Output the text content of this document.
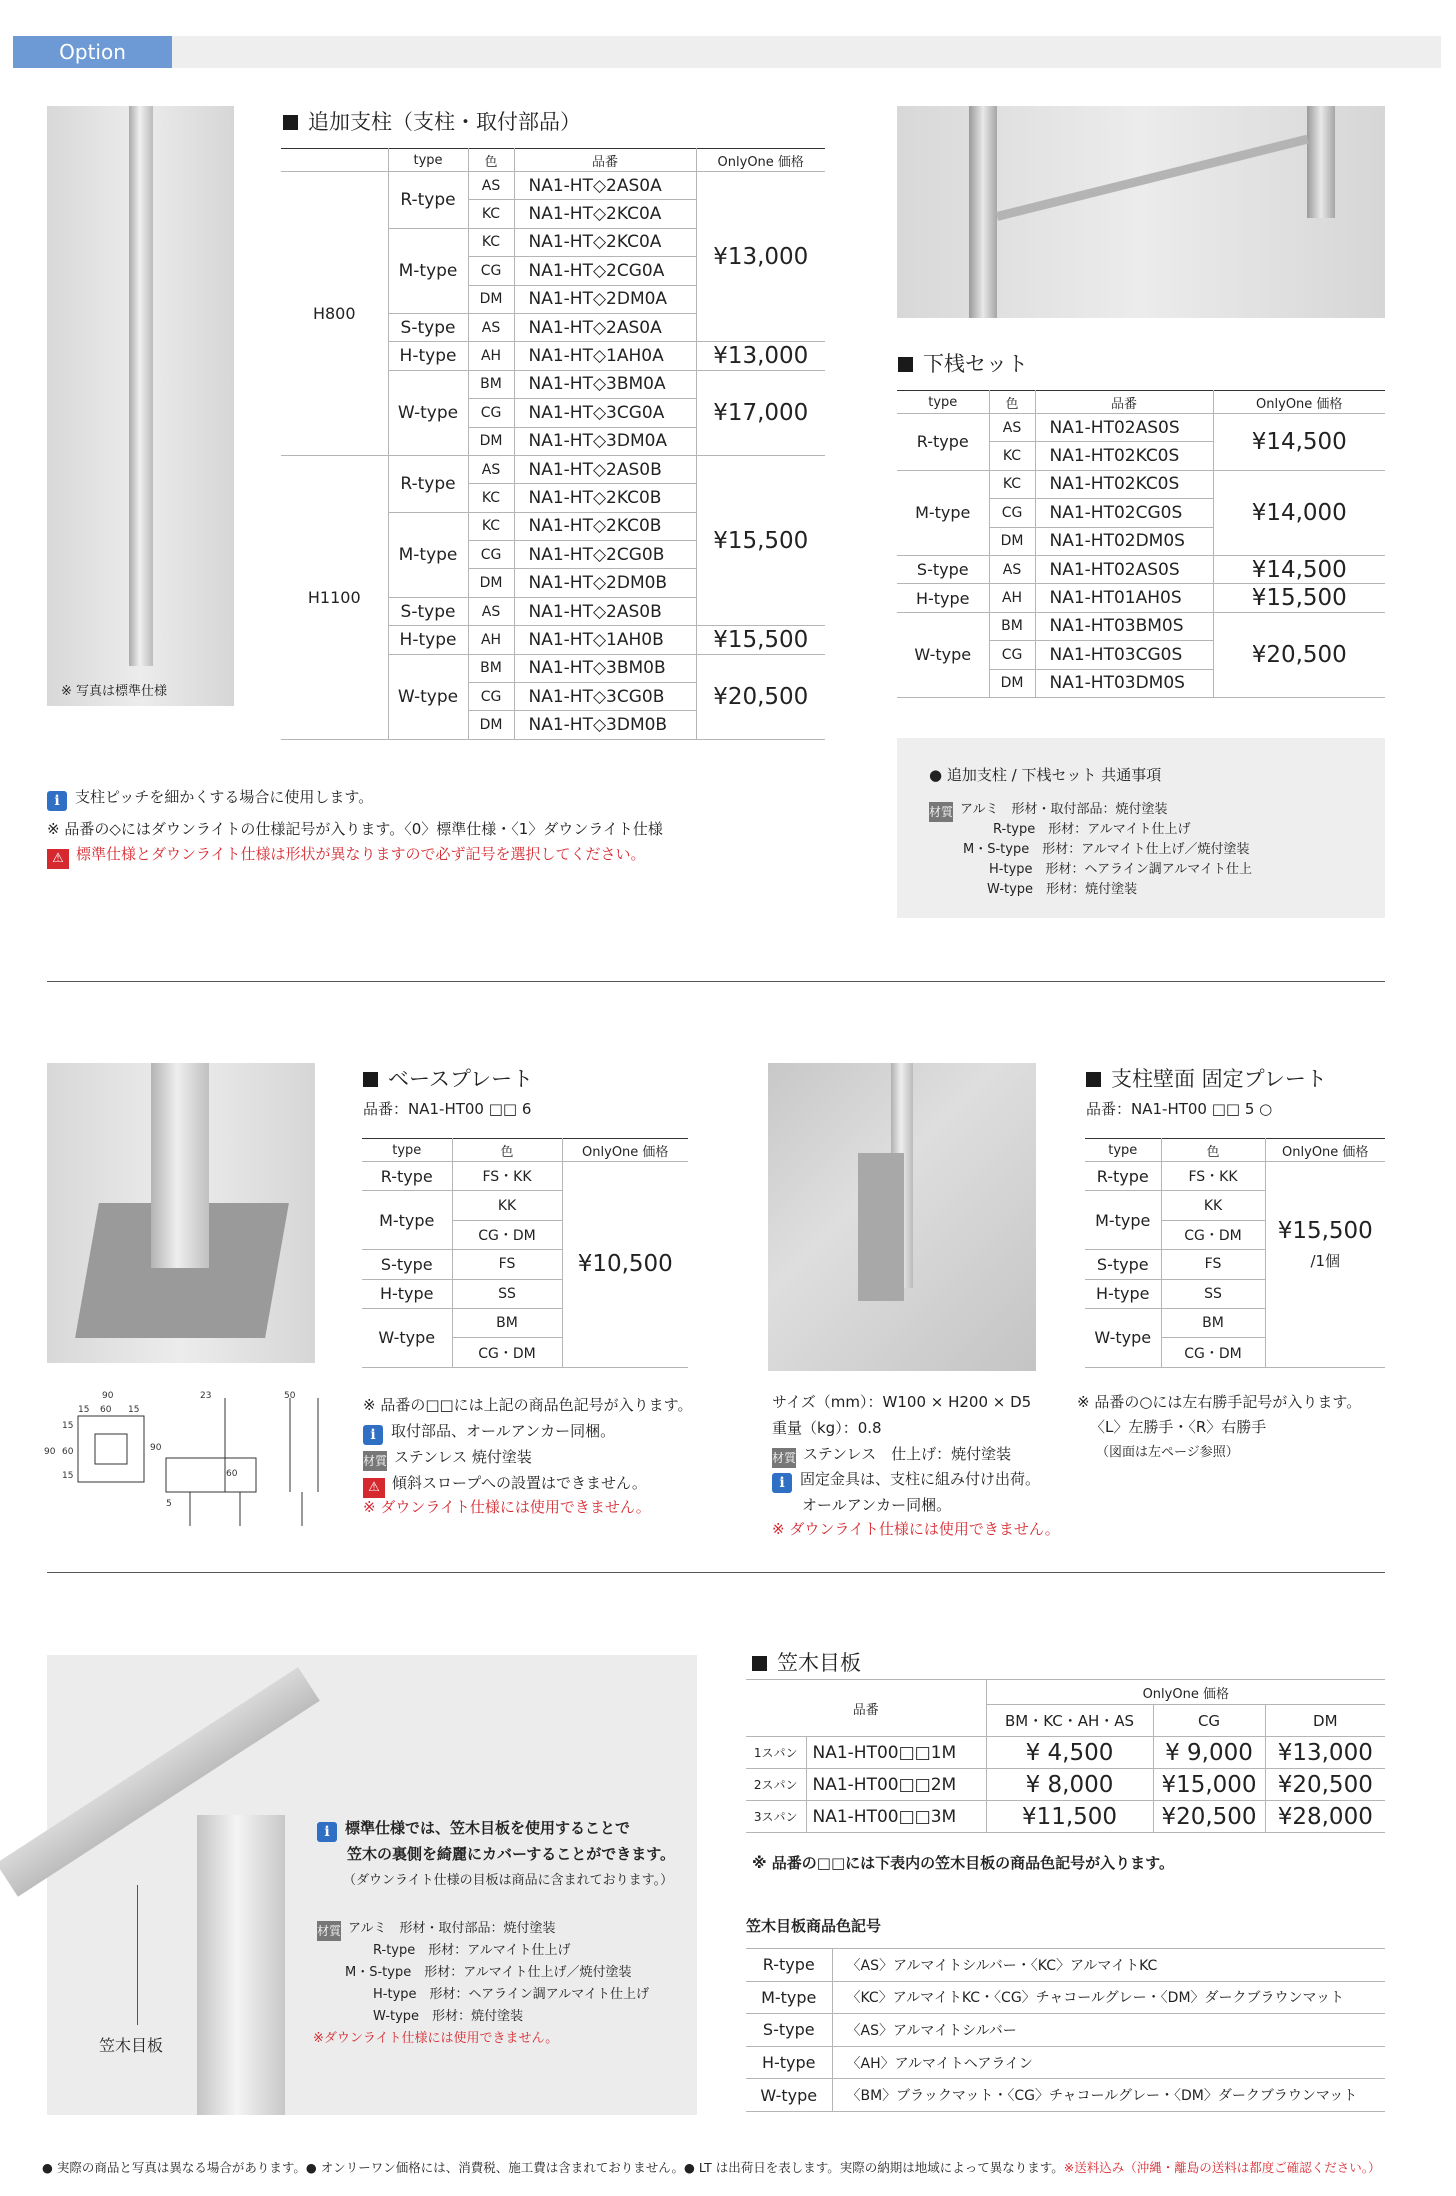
Option
※ 写真は標準仕様
追加支柱（支柱・取付部品）
	type	色	品番	OnlyOne 価格
H800	R-type	AS	NA1-HT◇2AS0A	¥13,000
		KC	NA1-HT◇2KC0A	
	M-type	KC	NA1-HT◇2KC0A	
		CG	NA1-HT◇2CG0A	
		DM	NA1-HT◇2DM0A	
	S-type	AS	NA1-HT◇2AS0A	
	H-type	AH	NA1-HT◇1AH0A	¥13,000
	W-type	BM	NA1-HT◇3BM0A	¥17,000
		CG	NA1-HT◇3CG0A	
		DM	NA1-HT◇3DM0A	
H1100	R-type	AS	NA1-HT◇2AS0B	¥15,500
		KC	NA1-HT◇2KC0B	
	M-type	KC	NA1-HT◇2KC0B	
		CG	NA1-HT◇2CG0B	
		DM	NA1-HT◇2DM0B	
	S-type	AS	NA1-HT◇2AS0B	
	H-type	AH	NA1-HT◇1AH0B	¥15,500
	W-type	BM	NA1-HT◇3BM0B	¥20,500
		CG	NA1-HT◇3CG0B	
		DM	NA1-HT◇3DM0B	
i 支柱ピッチを細かくする場合に使用します。
※ 品番の◇にはダウンライトの仕様記号が入ります。〈0〉標準仕様・〈1〉ダウンライト仕様
⚠ 標準仕様とダウンライト仕様は形状が異なりますので必ず記号を選択してください。
下桟セット
type	色	品番	OnlyOne 価格
R-type	AS	NA1-HT02AS0S	¥14,500
	KC	NA1-HT02KC0S	
M-type	KC	NA1-HT02KC0S	¥14,000
	CG	NA1-HT02CG0S	
	DM	NA1-HT02DM0S	
S-type	AS	NA1-HT02AS0S	¥14,500
H-type	AH	NA1-HT01AH0S	¥15,500
W-type	BM	NA1-HT03BM0S	¥20,500
	CG	NA1-HT03CG0S	
	DM	NA1-HT03DM0S	
● 追加支柱 / 下桟セット 共通事項
材質 アルミ　 形材・取付部品：焼付塗装
R-type　 形材：アルマイト仕上げ
M・S-type　 形材：アルマイト仕上げ／焼付塗装
H-type　 形材：ヘアライン調アルマイト仕上
W-type　 形材：焼付塗装
90
15 60 15
90
15
60
15
23
90
60
5
50
ベースプレート
品番：NA1-HT00 □□ 6
type	色	OnlyOne 価格
R-type	FS・KK	¥10,500
M-type	KK	
	CG・DM	
S-type	FS	
H-type	SS	
W-type	BM	
	CG・DM	
※ 品番の□□には上記の商品色記号が入ります。
i 取付部品、オールアンカー同梱。
材質 ステンレス 焼付塗装
⚠ 傾斜スロープへの設置はできません。
※ ダウンライト仕様には使用できません。
サイズ（mm）：W100 × H200 × D5
重量（kg）：0.8
材質 ステンレス　仕上げ：焼付塗装
i 固定金具は、支柱に組み付け出荷。
オールアンカー同梱。
※ ダウンライト仕様には使用できません。
支柱壁面 固定プレート
品番：NA1-HT00 □□ 5 ○
type	色	OnlyOne 価格
R-type	FS・KK	¥15,500
/1個

M-type	KK	
	CG・DM	
S-type	FS	
H-type	SS	
W-type	BM	
	CG・DM	
※ 品番の○には左右勝手記号が入ります。
〈L〉左勝手・〈R〉右勝手
（図面は左ページ参照）
笠木目板
i 標準仕様では、笠木目板を使用することで
笠木の裏側を綺麗にカバーすることができます。
（ダウンライト仕様の目板は商品に含まれております。）
材質 アルミ　 形材・取付部品：焼付塗装
R-type　 形材：アルマイト仕上げ
M・S-type　 形材：アルマイト仕上げ／焼付塗装
H-type　 形材：ヘアライン調アルマイト仕上げ
W-type　 形材：焼付塗装
※ダウンライト仕様には使用できません。
笠木目板
品番		OnlyOne 価格		
		BM・KC・AH・AS	CG	DM
1スパン	NA1-HT00□□1M	¥ 4,500	¥ 9,000	¥13,000
2スパン	NA1-HT00□□2M	¥ 8,000	¥15,000	¥20,500
3スパン	NA1-HT00□□3M	¥11,500	¥20,500	¥28,000
※ 品番の□□には下表内の笠木目板の商品色記号が入ります。
笠木目板商品色記号
R-type	〈AS〉アルマイトシルバー・〈KC〉アルマイトKC
M-type	〈KC〉アルマイトKC・〈CG〉チャコールグレー・〈DM〉ダークブラウンマット
S-type	〈AS〉アルマイトシルバー
H-type	〈AH〉アルマイトヘアライン
W-type	〈BM〉ブラックマット・〈CG〉チャコールグレー・〈DM〉ダークブラウンマット
● 実際の商品と写真は異なる場合があります。● オンリーワン価格には、消費税、施工費は含まれておりません。● LT は出荷日を表します。実際の納期は地域によって異なります。※送料込み（沖縄・離島の送料は都度ご確認ください。）
